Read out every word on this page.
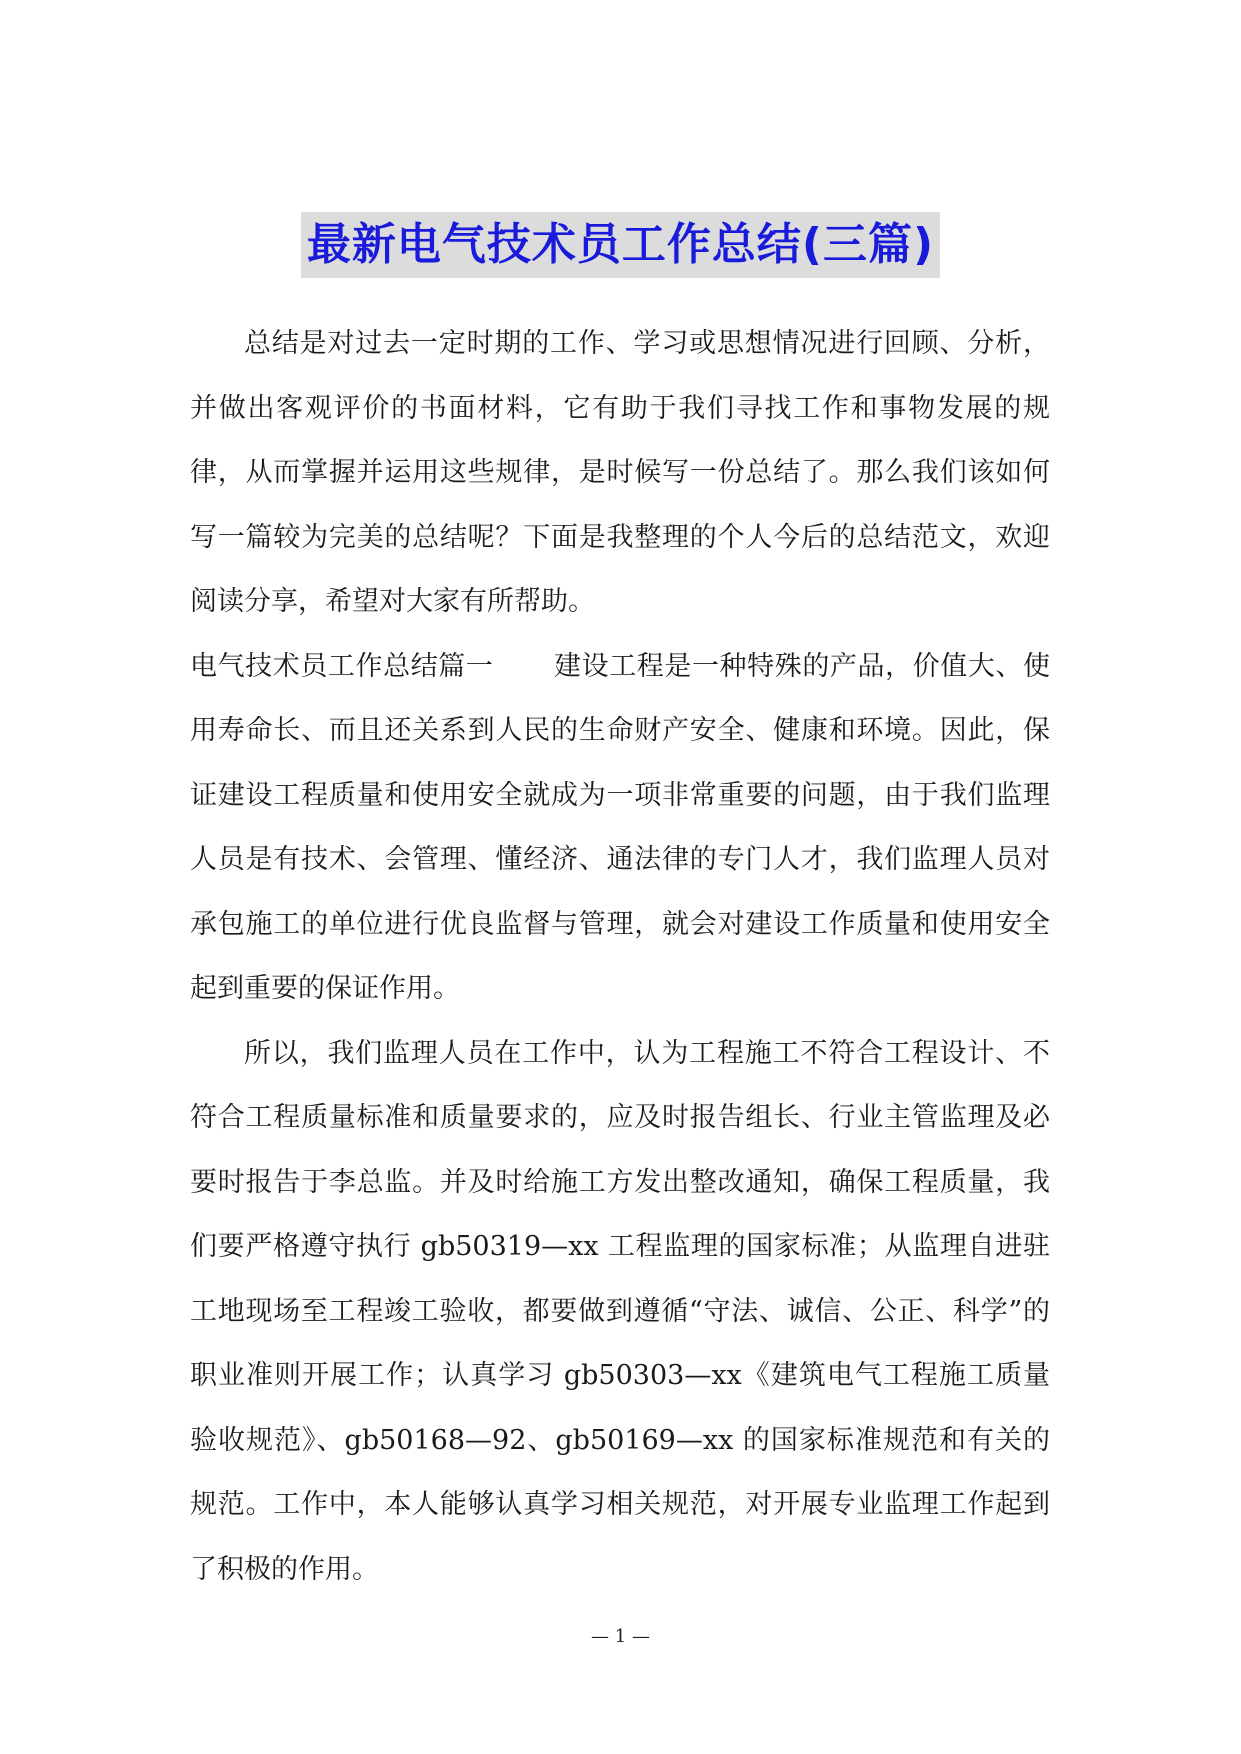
最新电气技术员工作总结(三篇)

总结是对过去一定时期的工作、学习或思想情况进行回顾、分析，并做出客观评价的书面材料，它有助于我们寻找工作和事物发展的规律，从而掌握并运用这些规律，是时候写一份总结了。那么我们该如何写一篇较为完美的总结呢？下面是我整理的个人今后的总结范文，欢迎阅读分享，希望对大家有所帮助。

电气技术员工作总结篇一 建设工程是一种特殊的产品，价值大、使用寿命长、而且还关系到人民的生命财产安全、健康和环境。因此，保证建设工程质量和使用安全就成为一项非常重要的问题，由于我们监理人员是有技术、会管理、懂经济、通法律的专门人才，我们监理人员对承包施工的单位进行优良监督与管理，就会对建设工作质量和使用安全起到重要的保证作用。

所以，我们监理人员在工作中，认为工程施工不符合工程设计、不符合工程质量标准和质量要求的，应及时报告组长、行业主管监理及必要时报告于李总监。并及时给施工方发出整改通知，确保工程质量，我们要严格遵守执行 gb50319—xx 工程监理的国家标准；从监理自进驻工地现场至工程竣工验收，都要做到遵循“守法、诚信、公正、科学”的职业准则开展工作；认真学习 gb50303—xx《建筑电气工程施工质量验收规范》、gb50168—92、gb50169—xx 的国家标准规范和有关的规范。工作中，本人能够认真学习相关规范，对开展专业监理工作起到了积极的作用。

— 1 —
